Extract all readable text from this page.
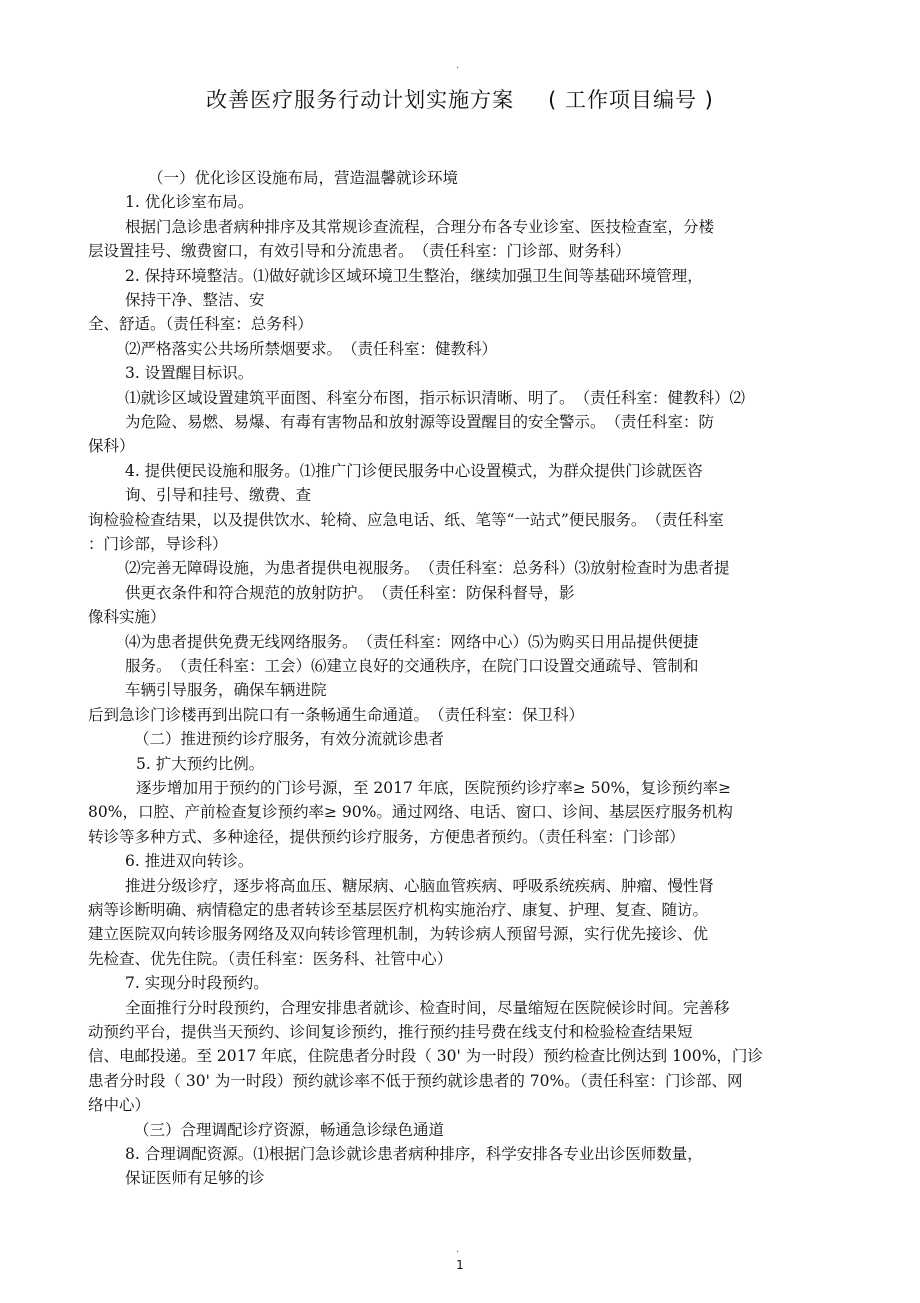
.
改善医疗服务行动计划实施方案 ( 工作项目编号 )
（一）优化诊区设施布局，营造温馨就诊环境
1. 优化诊室布局。
根据门急诊患者病种排序及其常规诊查流程，合理分布各专业诊室、医技检查室，分楼
层设置挂号、缴费窗口，有效引导和分流患者。　（责任科室：门诊部、财务科）
2. 保持环境整洁。⑴做好就诊区域环境卫生整治，继续加强卫生间等基础环境管理，
保持干净、整洁、安
全、舒适。（责任科室：总务科）
⑵严格落实公共场所禁烟要求。　（责任科室：健教科）
3. 设置醒目标识。
⑴就诊区域设置建筑平面图、科室分布图，指示标识清晰、明了。　（责任科室：健教科）⑵
为危险、易燃、易爆、有毒有害物品和放射源等设置醒目的安全警示。　（责任科室：防
保科）
4. 提供便民设施和服务。⑴推广门诊便民服务中心设置模式，为群众提供门诊就医咨
询、引导和挂号、缴费、查
询检验检查结果，以及提供饮水、轮椅、应急电话、纸、笔等“一站式”便民服务。　（责任科室
：门诊部，导诊科）
⑵完善无障碍设施，为患者提供电视服务。　（责任科室：总务科）⑶放射检查时为患者提
供更衣条件和符合规范的放射防护。　（责任科室：防保科督导，影
像科实施）
⑷为患者提供免费无线网络服务。　（责任科室：网络中心）⑸为购买日用品提供便捷
服务。　（责任科室：工会）⑹建立良好的交通秩序，在院门口设置交通疏导、管制和
车辆引导服务，确保车辆进院
后到急诊门诊楼再到出院口有一条畅通生命通道。　（责任科室：保卫科）
（二）推进预约诊疗服务，有效分流就诊患者
5. 扩大预约比例。
逐步增加用于预约的门诊号源，至 2017 年底，医院预约诊疗率≥ 50%，复诊预约率≥
80%，口腔、产前检查复诊预约率≥ 90%。通过网络、电话、窗口、诊间、基层医疗服务机构
转诊等多种方式、多种途径，提供预约诊疗服务，方便患者预约。（责任科室：门诊部）
6. 推进双向转诊。
推进分级诊疗，逐步将高血压、糖尿病、心脑血管疾病、呼吸系统疾病、肿瘤、慢性肾
病等诊断明确、病情稳定的患者转诊至基层医疗机构实施治疗、康复、护理、复查、随访。
建立医院双向转诊服务网络及双向转诊管理机制，为转诊病人预留号源，实行优先接诊、优
先检查、优先住院。（责任科室：医务科、社管中心）
7. 实现分时段预约。
全面推行分时段预约，合理安排患者就诊、检查时间，尽量缩短在医院候诊时间。完善移
动预约平台，提供当天预约、诊间复诊预约，推行预约挂号费在线支付和检验检查结果短
信、电邮投递。至 2017 年底，住院患者分时段（ 30' 为一时段）预约检查比例达到 100%，门诊
患者分时段（ 30' 为一时段）预约就诊率不低于预约就诊患者的 70%。（责任科室：门诊部、网
络中心）
（三）合理调配诊疗资源，畅通急诊绿色通道
8. 合理调配资源。⑴根据门急诊就诊患者病种排序，科学安排各专业出诊医师数量，
保证医师有足够的诊
.
1
